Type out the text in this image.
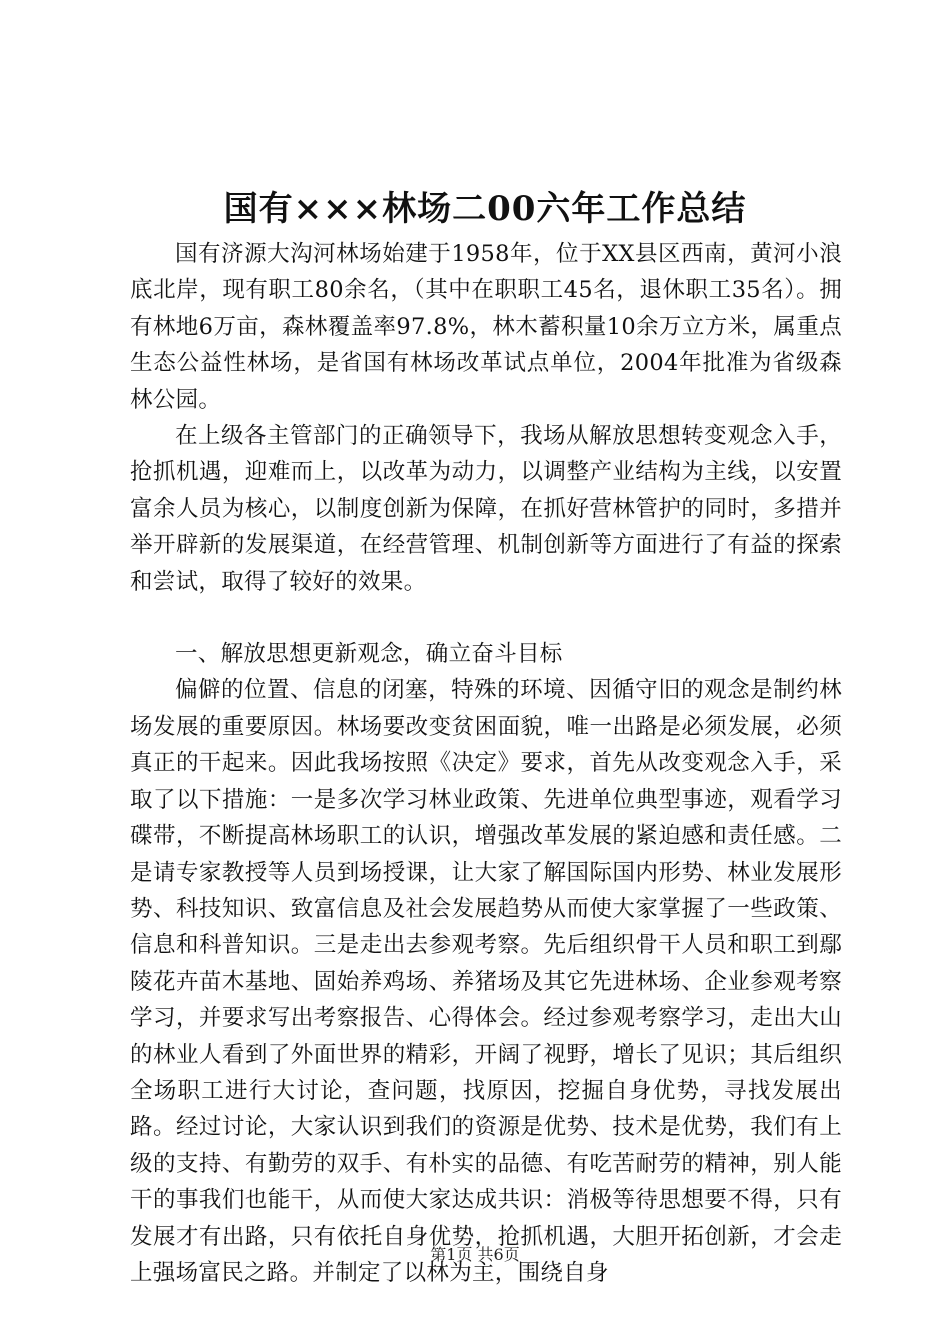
国有×××林场二00六年工作总结

国有济源大沟河林场始建于1958年，位于XX县区西南，黄河小浪底北岸，现有职工80余名，（其中在职职工45名，退休职工35名）。拥有林地6万亩，森林覆盖率97.8%，林木蓄积量10余万立方米，属重点生态公益性林场，是省国有林场改革试点单位，2004年批准为省级森林公园。

在上级各主管部门的正确领导下，我场从解放思想转变观念入手，抢抓机遇，迎难而上，以改革为动力，以调整产业结构为主线，以安置富余人员为核心，以制度创新为保障，在抓好营林管护的同时，多措并举开辟新的发展渠道，在经营管理、机制创新等方面进行了有益的探索和尝试，取得了较好的效果。

一、解放思想更新观念，确立奋斗目标

偏僻的位置、信息的闭塞，特殊的环境、因循守旧的观念是制约林场发展的重要原因。林场要改变贫困面貌，唯一出路是必须发展，必须真正的干起来。因此我场按照《决定》要求，首先从改变观念入手，采取了以下措施：一是多次学习林业政策、先进单位典型事迹，观看学习碟带，不断提高林场职工的认识，增强改革发展的紧迫感和责任感。二是请专家教授等人员到场授课，让大家了解国际国内形势、林业发展形势、科技知识、致富信息及社会发展趋势从而使大家掌握了一些政策、信息和科普知识。三是走出去参观考察。先后组织骨干人员和职工到鄢陵花卉苗木基地、固始养鸡场、养猪场及其它先进林场、企业参观考察学习，并要求写出考察报告、心得体会。经过参观考察学习，走出大山的林业人看到了外面世界的精彩，开阔了视野，增长了见识；其后组织全场职工进行大讨论，查问题，找原因，挖掘自身优势，寻找发展出路。经过讨论，大家认识到我们的资源是优势、技术是优势，我们有上级的支持、有勤劳的双手、有朴实的品德、有吃苦耐劳的精神，别人能干的事我们也能干，从而使大家达成共识：消极等待思想要不得，只有发展才有出路，只有依托自身优势，抢抓机遇，大胆开拓创新，才会走上强场富民之路。并制定了以林为主，围绕自身

第1页 共6页
